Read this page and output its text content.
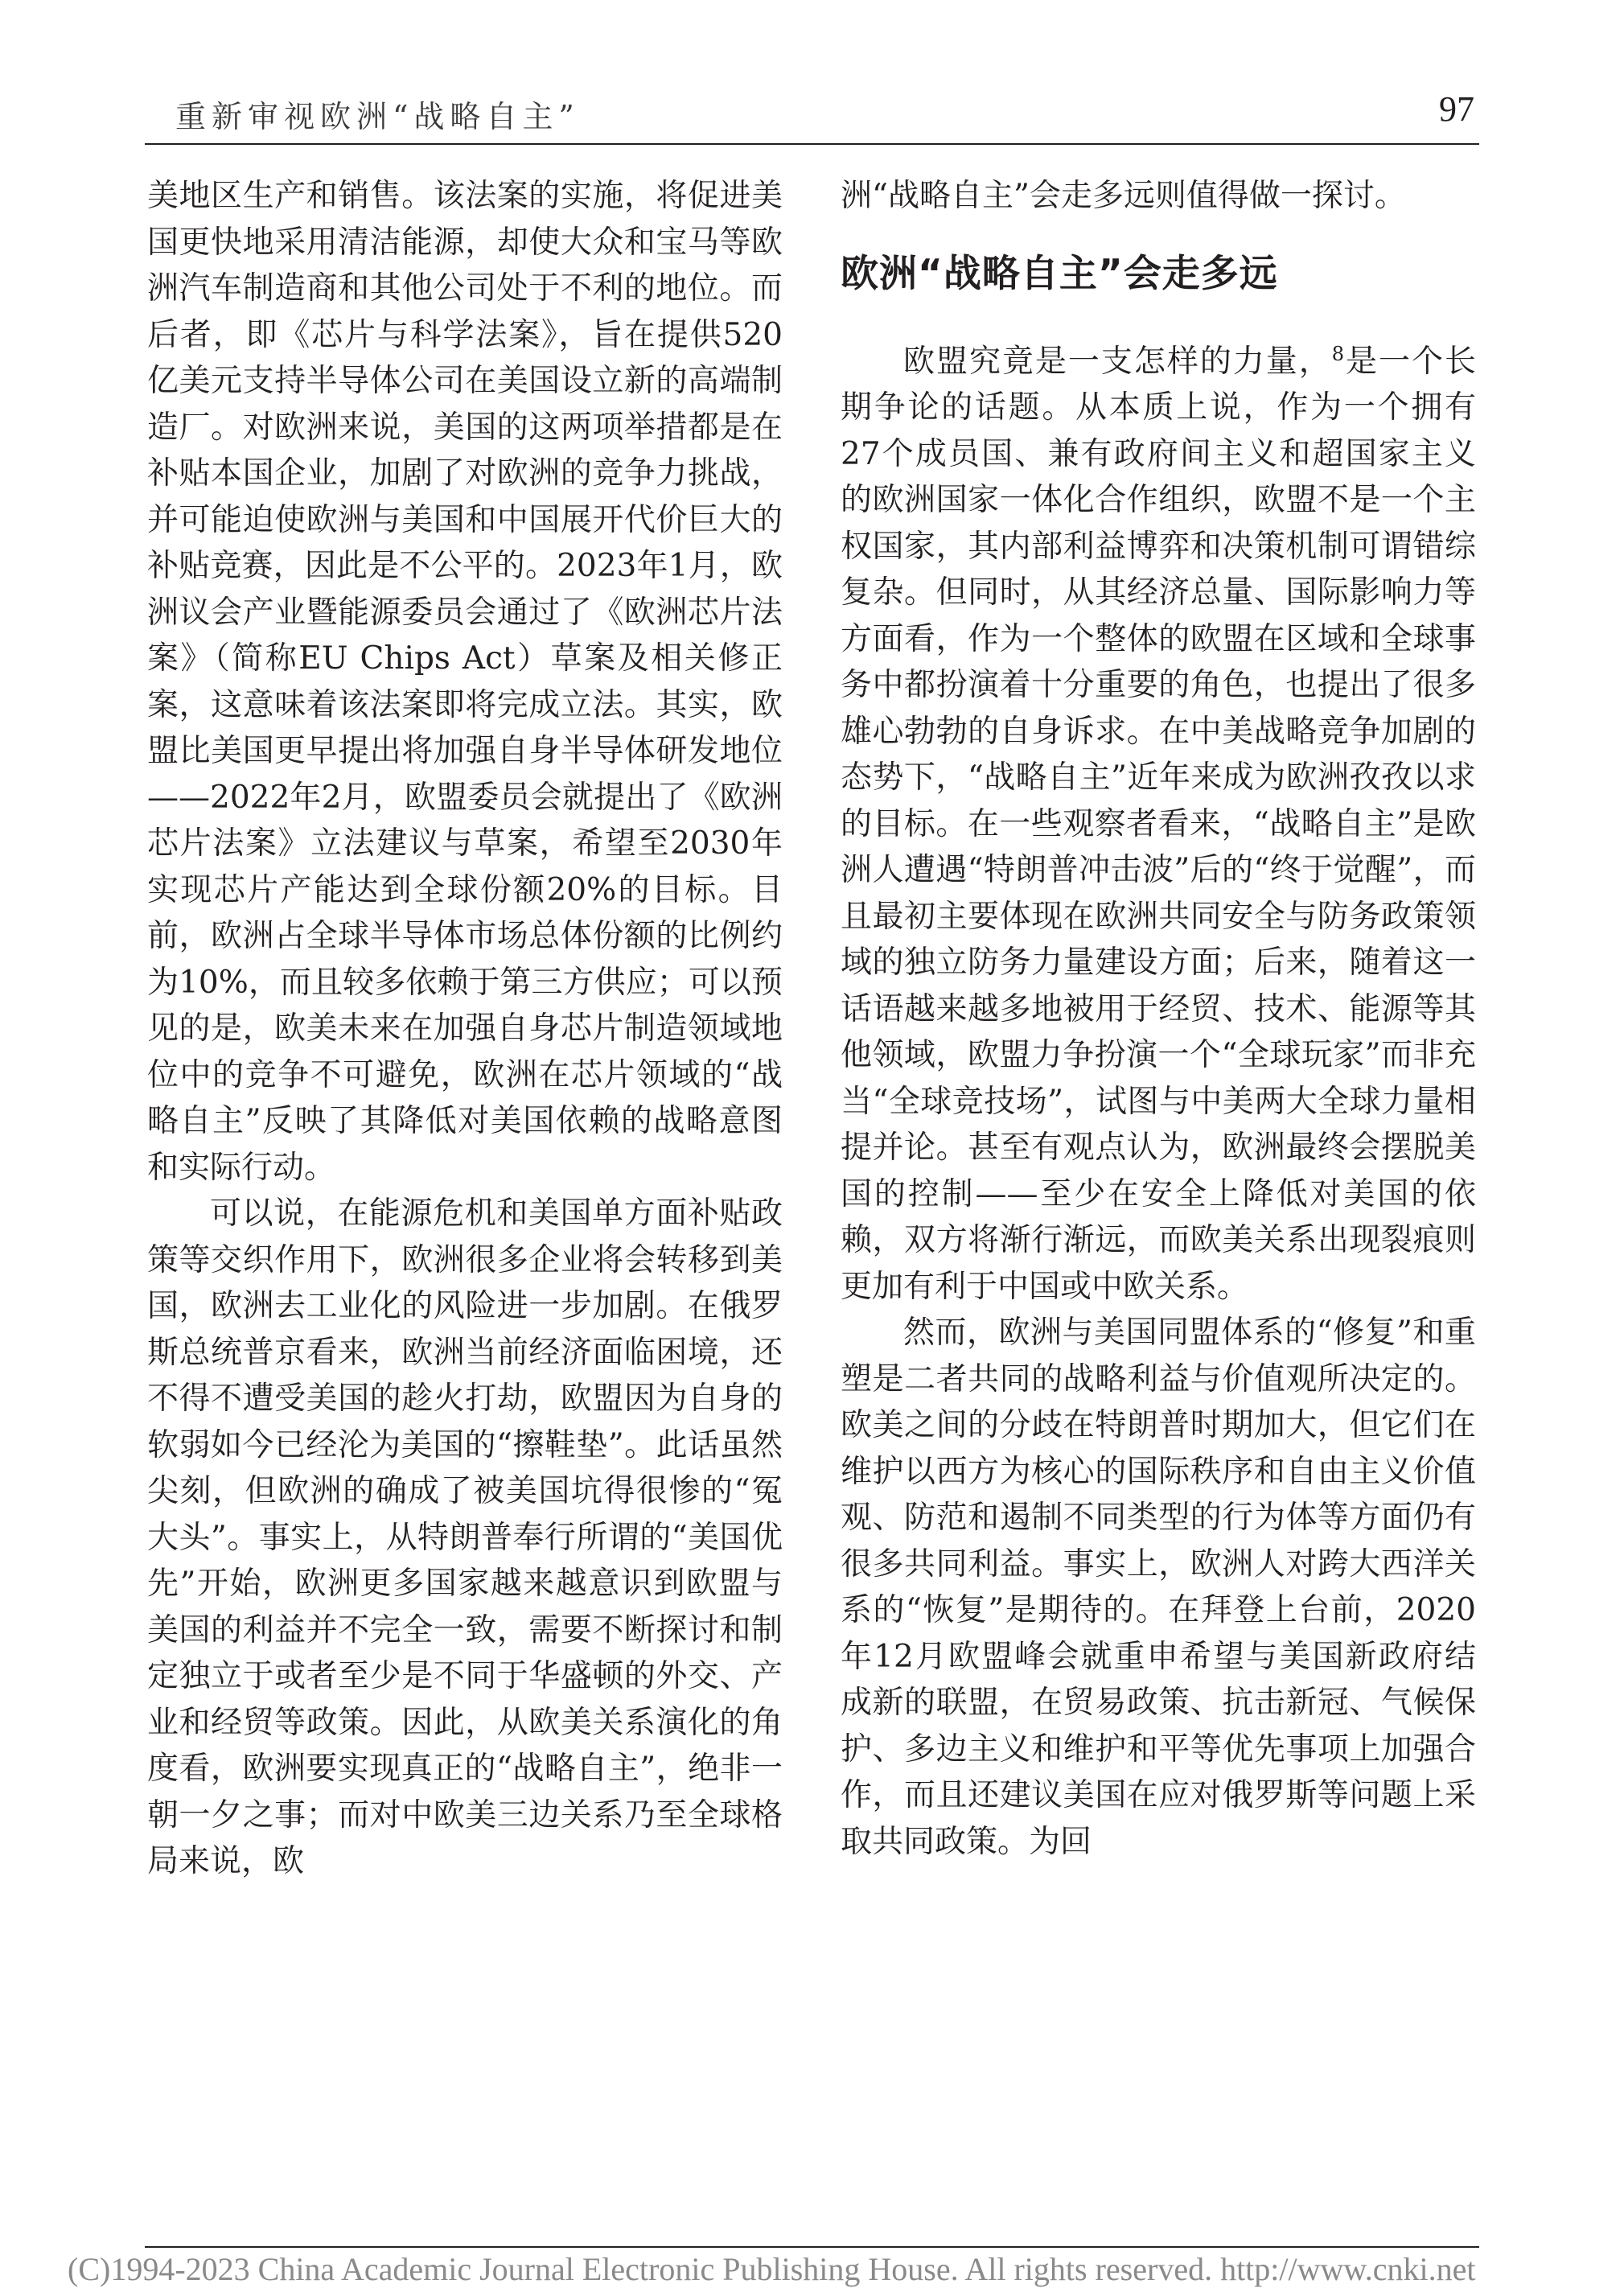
重新审视欧洲“战略自主”	97

美地区生产和销售。该法案的实施，将促进美国更快地采用清洁能源，却使大众和宝马等欧洲汽车制造商和其他公司处于不利的地位。而后者，即《芯片与科学法案》，旨在提供520亿美元支持半导体公司在美国设立新的高端制造厂。对欧洲来说，美国的这两项举措都是在补贴本国企业，加剧了对欧洲的竞争力挑战，并可能迫使欧洲与美国和中国展开代价巨大的补贴竞赛，因此是不公平的。2023年1月，欧洲议会产业暨能源委员会通过了《欧洲芯片法案》（简称EU Chips Act）草案及相关修正案，这意味着该法案即将完成立法。其实，欧盟比美国更早提出将加强自身半导体研发地位——2022年2月，欧盟委员会就提出了《欧洲芯片法案》立法建议与草案，希望至2030年实现芯片产能达到全球份额20%的目标。目前，欧洲占全球半导体市场总体份额的比例约为10%，而且较多依赖于第三方供应；可以预见的是，欧美未来在加强自身芯片制造领域地位中的竞争不可避免，欧洲在芯片领域的“战略自主”反映了其降低对美国依赖的战略意图和实际行动。

可以说，在能源危机和美国单方面补贴政策等交织作用下，欧洲很多企业将会转移到美国，欧洲去工业化的风险进一步加剧。在俄罗斯总统普京看来，欧洲当前经济面临困境，还不得不遭受美国的趁火打劫，欧盟因为自身的软弱如今已经沦为美国的“擦鞋垫”。此话虽然尖刻，但欧洲的确成了被美国坑得很惨的“冤大头”。事实上，从特朗普奉行所谓的“美国优先”开始，欧洲更多国家越来越意识到欧盟与美国的利益并不完全一致，需要不断探讨和制定独立于或者至少是不同于华盛顿的外交、产业和经贸等政策。因此，从欧美关系演化的角度看，欧洲要实现真正的“战略自主”，绝非一朝一夕之事；而对中欧美三边关系乃至全球格局来说，欧

洲“战略自主”会走多远则值得做一探讨。

欧洲“战略自主”会走多远

欧盟究竟是一支怎样的力量，$^8$是一个长期争论的话题。从本质上说，作为一个拥有27个成员国、兼有政府间主义和超国家主义的欧洲国家一体化合作组织，欧盟不是一个主权国家，其内部利益博弈和决策机制可谓错综复杂。但同时，从其经济总量、国际影响力等方面看，作为一个整体的欧盟在区域和全球事务中都扮演着十分重要的角色，也提出了很多雄心勃勃的自身诉求。在中美战略竞争加剧的态势下，“战略自主”近年来成为欧洲孜孜以求的目标。在一些观察者看来，“战略自主”是欧洲人遭遇“特朗普冲击波”后的“终于觉醒”，而且最初主要体现在欧洲共同安全与防务政策领域的独立防务力量建设方面；后来，随着这一话语越来越多地被用于经贸、技术、能源等其他领域，欧盟力争扮演一个“全球玩家”而非充当“全球竞技场”，试图与中美两大全球力量相提并论。甚至有观点认为，欧洲最终会摆脱美国的控制——至少在安全上降低对美国的依赖，双方将渐行渐远，而欧美关系出现裂痕则更加有利于中国或中欧关系。

然而，欧洲与美国同盟体系的“修复”和重塑是二者共同的战略利益与价值观所决定的。欧美之间的分歧在特朗普时期加大，但它们在维护以西方为核心的国际秩序和自由主义价值观、防范和遏制不同类型的行为体等方面仍有很多共同利益。事实上，欧洲人对跨大西洋关系的“恢复”是期待的。在拜登上台前，2020年12月欧盟峰会就重申希望与美国新政府结成新的联盟，在贸易政策、抗击新冠、气候保护、多边主义和维护和平等优先事项上加强合作，而且还建议美国在应对俄罗斯等问题上采取共同政策。为回

(C)1994-2023 China Academic Journal Electronic Publishing House. All rights reserved. http://www.cnki.net
